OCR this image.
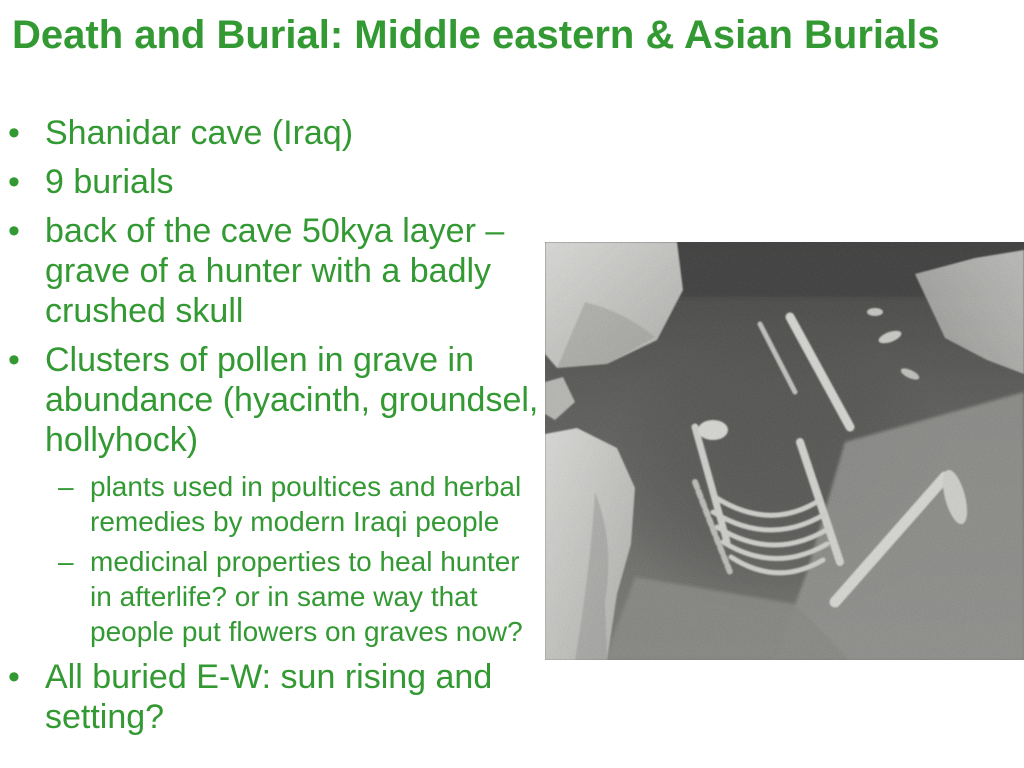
Death and Burial: Middle eastern & Asian Burials
• Shanidar cave (Iraq)
• 9 burials
• back of the cave 50kya layer – grave of a hunter with a badly crushed skull
• Clusters of pollen in grave in abundance (hyacinth, groundsel, hollyhock)
– plants used in poultices and herbal remedies by modern Iraqi people
– medicinal properties to heal hunter in afterlife? or in same way that people put flowers on graves now?
• All buried E-W: sun rising and setting?
